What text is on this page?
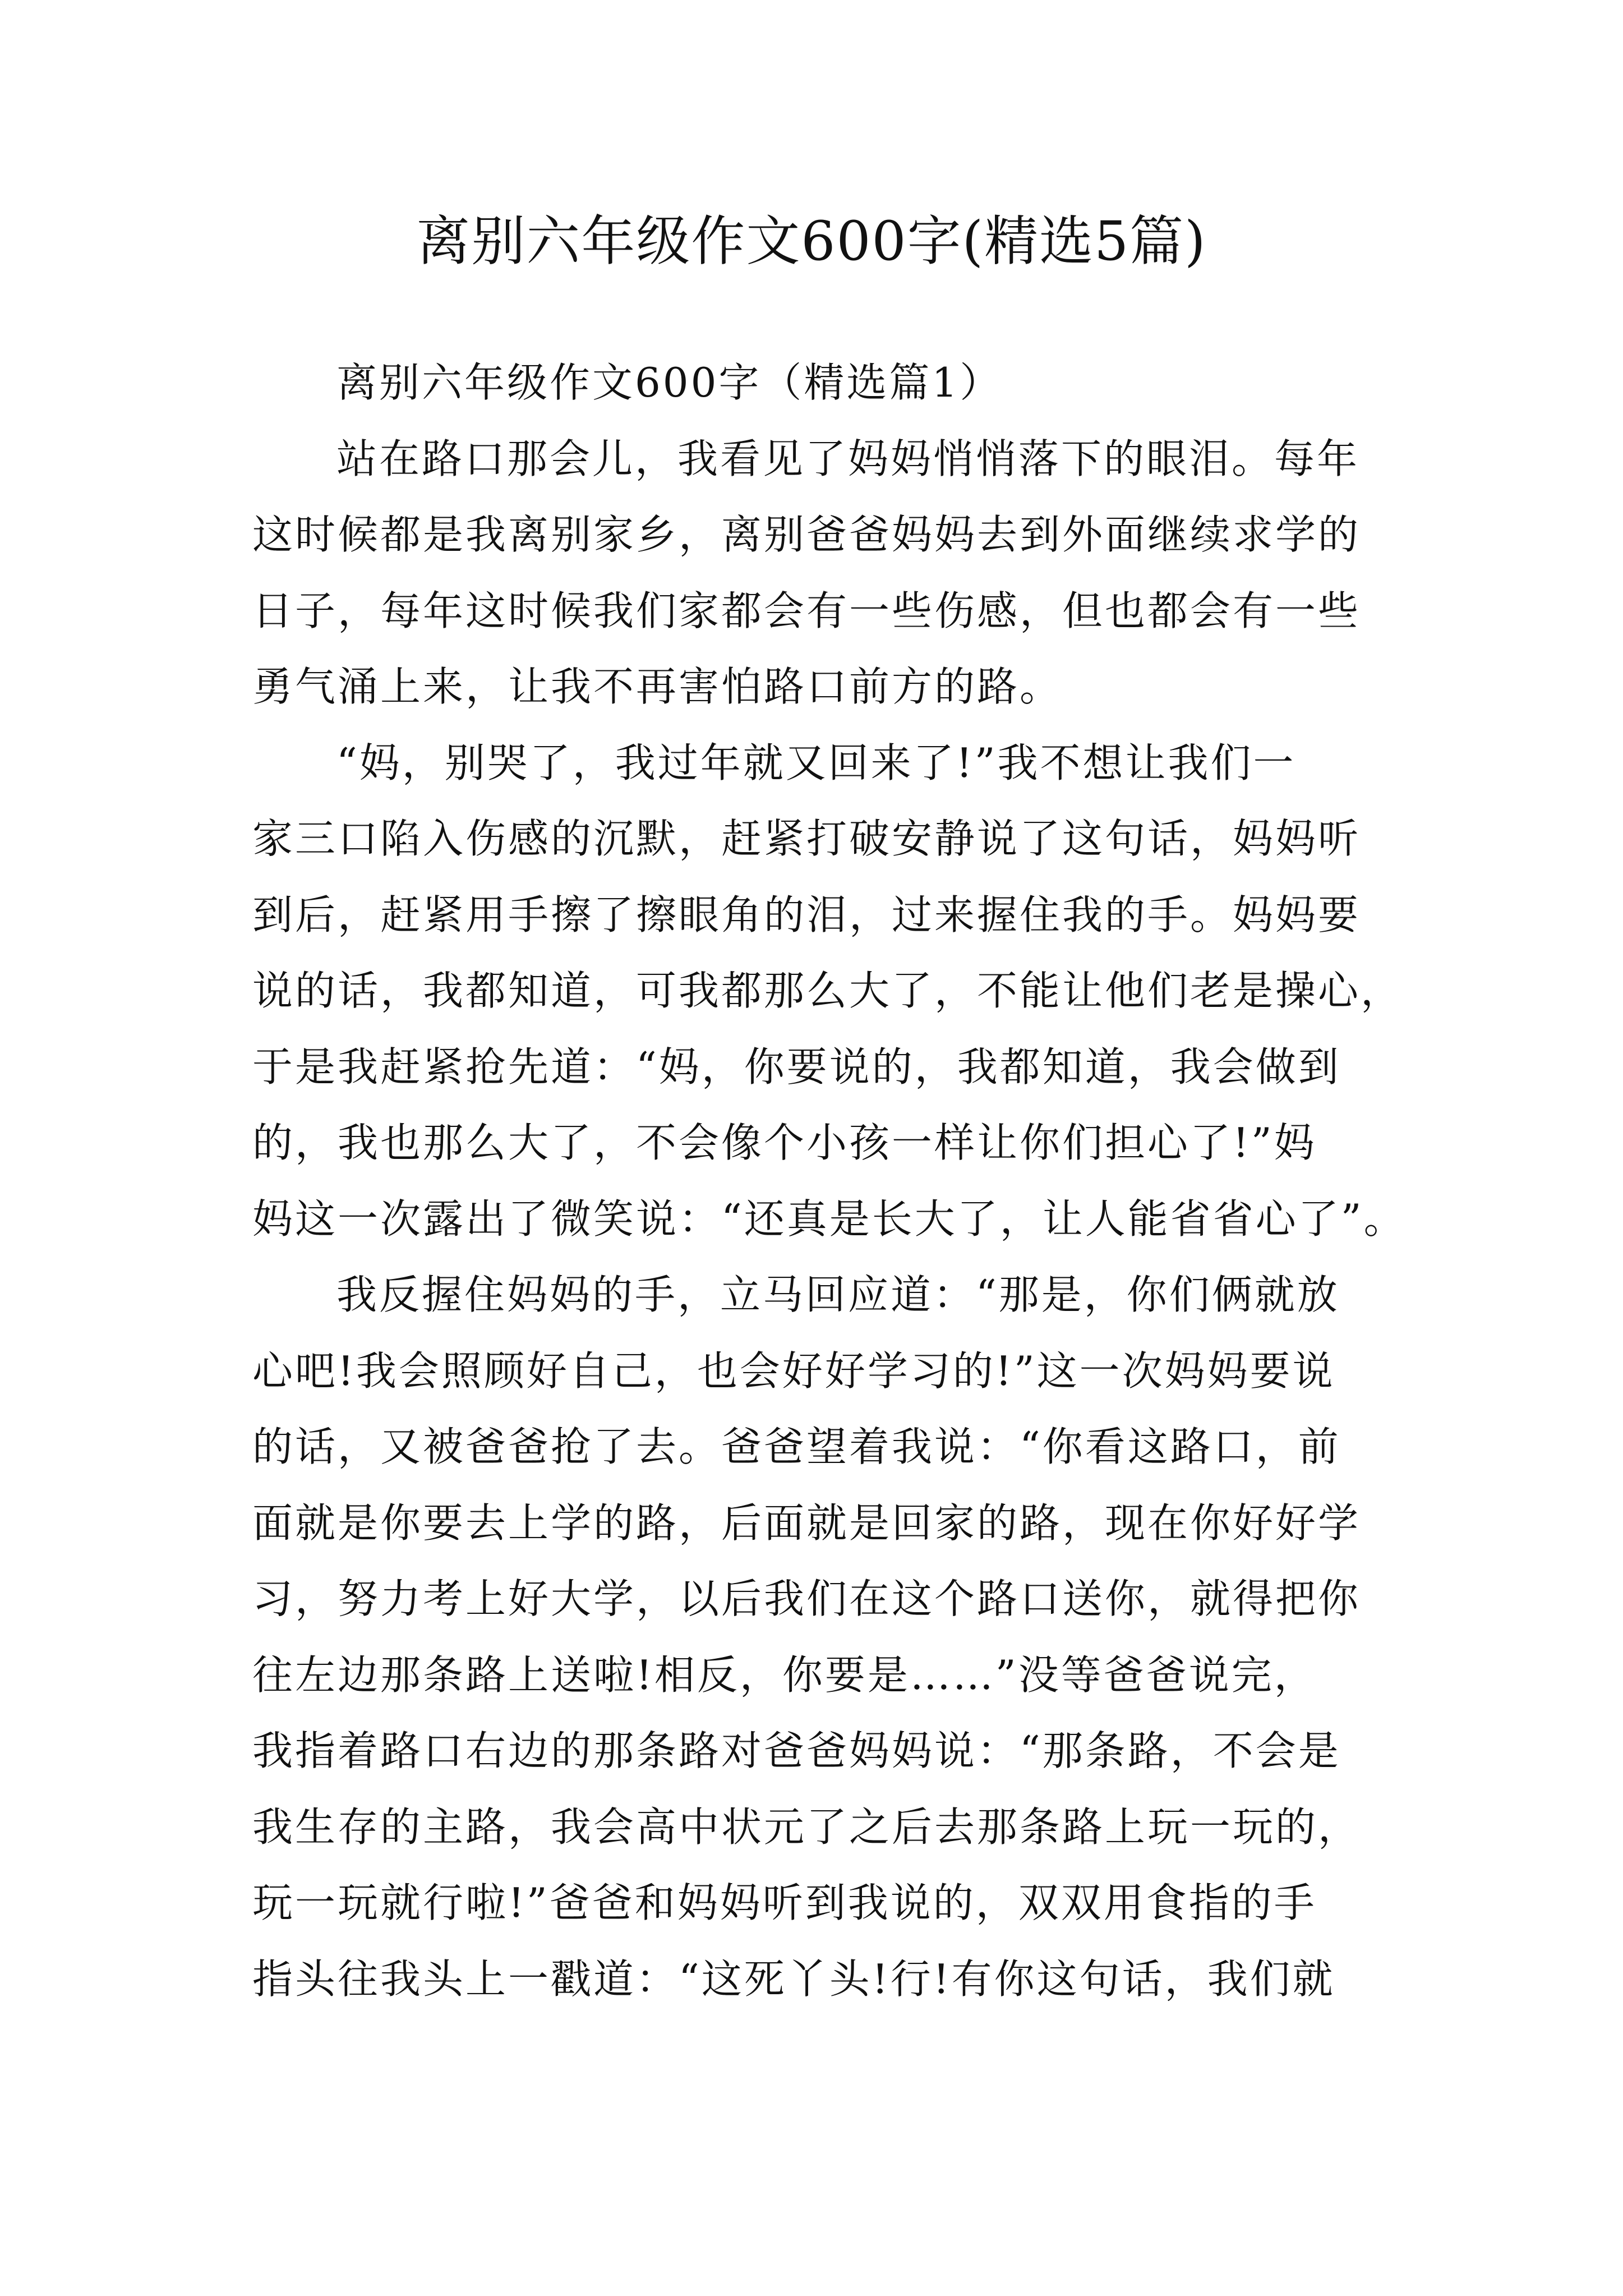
离别六年级作文600字(精选5篇)
离别六年级作文600字（精选篇1）
站在路口那会儿，我看见了妈妈悄悄落下的眼泪。每年
这时候都是我离别家乡，离别爸爸妈妈去到外面继续求学的
日子，每年这时候我们家都会有一些伤感，但也都会有一些
勇气涌上来，让我不再害怕路口前方的路。
“妈，别哭了，我过年就又回来了!”我不想让我们一
家三口陷入伤感的沉默，赶紧打破安静说了这句话，妈妈听
到后，赶紧用手擦了擦眼角的泪，过来握住我的手。妈妈要
说的话，我都知道，可我都那么大了，不能让他们老是操心，
于是我赶紧抢先道：“妈，你要说的，我都知道，我会做到
的，我也那么大了，不会像个小孩一样让你们担心了!”妈
妈这一次露出了微笑说：“还真是长大了，让人能省省心了”。
我反握住妈妈的手，立马回应道：“那是，你们俩就放
心吧!我会照顾好自己，也会好好学习的!”这一次妈妈要说
的话，又被爸爸抢了去。爸爸望着我说：“你看这路口，前
面就是你要去上学的路，后面就是回家的路，现在你好好学
习，努力考上好大学，以后我们在这个路口送你，就得把你
往左边那条路上送啦!相反，你要是……”没等爸爸说完，
我指着路口右边的那条路对爸爸妈妈说：“那条路，不会是
我生存的主路，我会高中状元了之后去那条路上玩一玩的，
玩一玩就行啦!”爸爸和妈妈听到我说的，双双用食指的手
指头往我头上一戳道：“这死丫头!行!有你这句话，我们就
